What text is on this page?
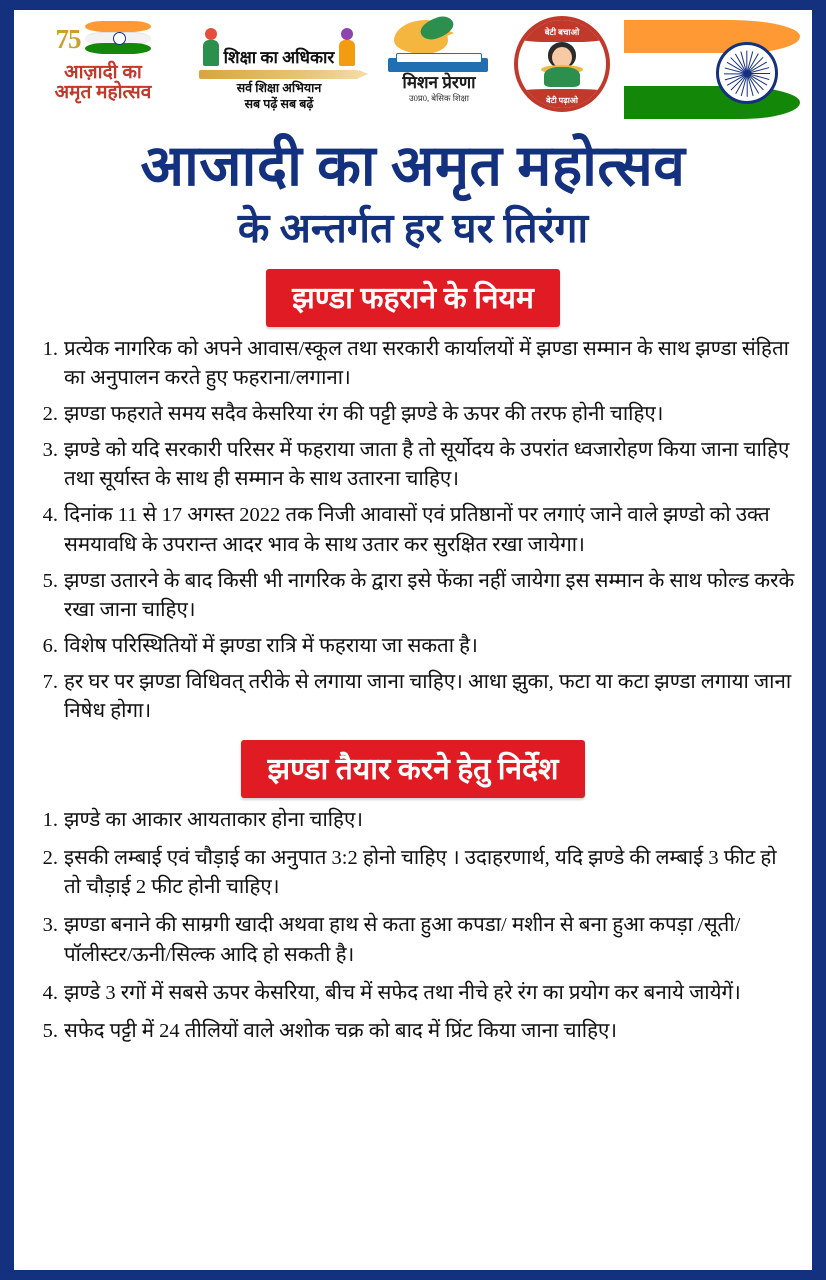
75
आज़ादी का
अमृत महोत्सव
शिक्षा का अधिकार
सर्व शिक्षा अभियान
सब पढ़ें सब बढ़ें
मिशन प्रेरणा
उ0प्र0, बेसिक शिक्षा
बेटी बचाओ
बेटी पढ़ाओ
आजादी का अमृत महोत्सव
के अन्तर्गत हर घर तिरंगा
झण्डा फहराने के नियम
प्रत्येक नागरिक को अपने आवास/स्कूल तथा सरकारी कार्यालयों में झण्डा सम्मान के साथ झण्डा संहिता का अनुपालन करते हुए फहराना/लगाना।
झण्डा फहराते समय सदैव केसरिया रंग की पट्टी झण्डे के ऊपर की तरफ होनी चाहिए।
झण्डे को यदि सरकारी परिसर में फहराया जाता है तो सूर्योदय के उपरांत ध्वजारोहण किया जाना चाहिए तथा सूर्यास्त के साथ ही सम्मान के साथ उतारना चाहिए।
दिनांक 11 से 17 अगस्त 2022 तक निजी आवासों एवं प्रतिष्ठानों पर लगाएं जाने वाले झण्डो को उक्त समयावधि के उपरान्त आदर भाव के साथ उतार कर सुरक्षित रखा जायेगा।
झण्डा उतारने के बाद किसी भी नागरिक के द्वारा इसे फेंका नहीं जायेगा इस सम्मान के साथ फोल्ड करके रखा जाना चाहिए।
विशेष परिस्थितियों में झण्डा रात्रि में फहराया जा सकता है।
हर घर पर झण्डा विधिवत् तरीके से लगाया जाना चाहिए। आधा झुका, फटा या कटा झण्डा लगाया जाना निषेध होगा।
झण्डा तैयार करने हेतु निर्देश
झण्डे का आकार आयताकार होना चाहिए।
इसकी लम्बाई एवं चौड़ाई का अनुपात 3:2 होनो चाहिए । उदाहरणार्थ, यदि झण्डे की लम्बाई 3 फीट हो तो चौड़ाई 2 फीट होनी चाहिए।
झण्डा बनाने की साम्रगी खादी अथवा हाथ से कता हुआ कपडा/ मशीन से बना हुआ कपड़ा /सूती/पॉलीस्टर/ऊनी/सिल्क आदि हो सकती है।
झण्डे 3 रगों में सबसे ऊपर केसरिया, बीच में सफेद तथा नीचे हरे रंग का प्रयोग कर बनाये जायेगें।
सफेद पट्टी में 24 तीलियों वाले अशोक चक्र को बाद में प्रिंट किया जाना चाहिए।
